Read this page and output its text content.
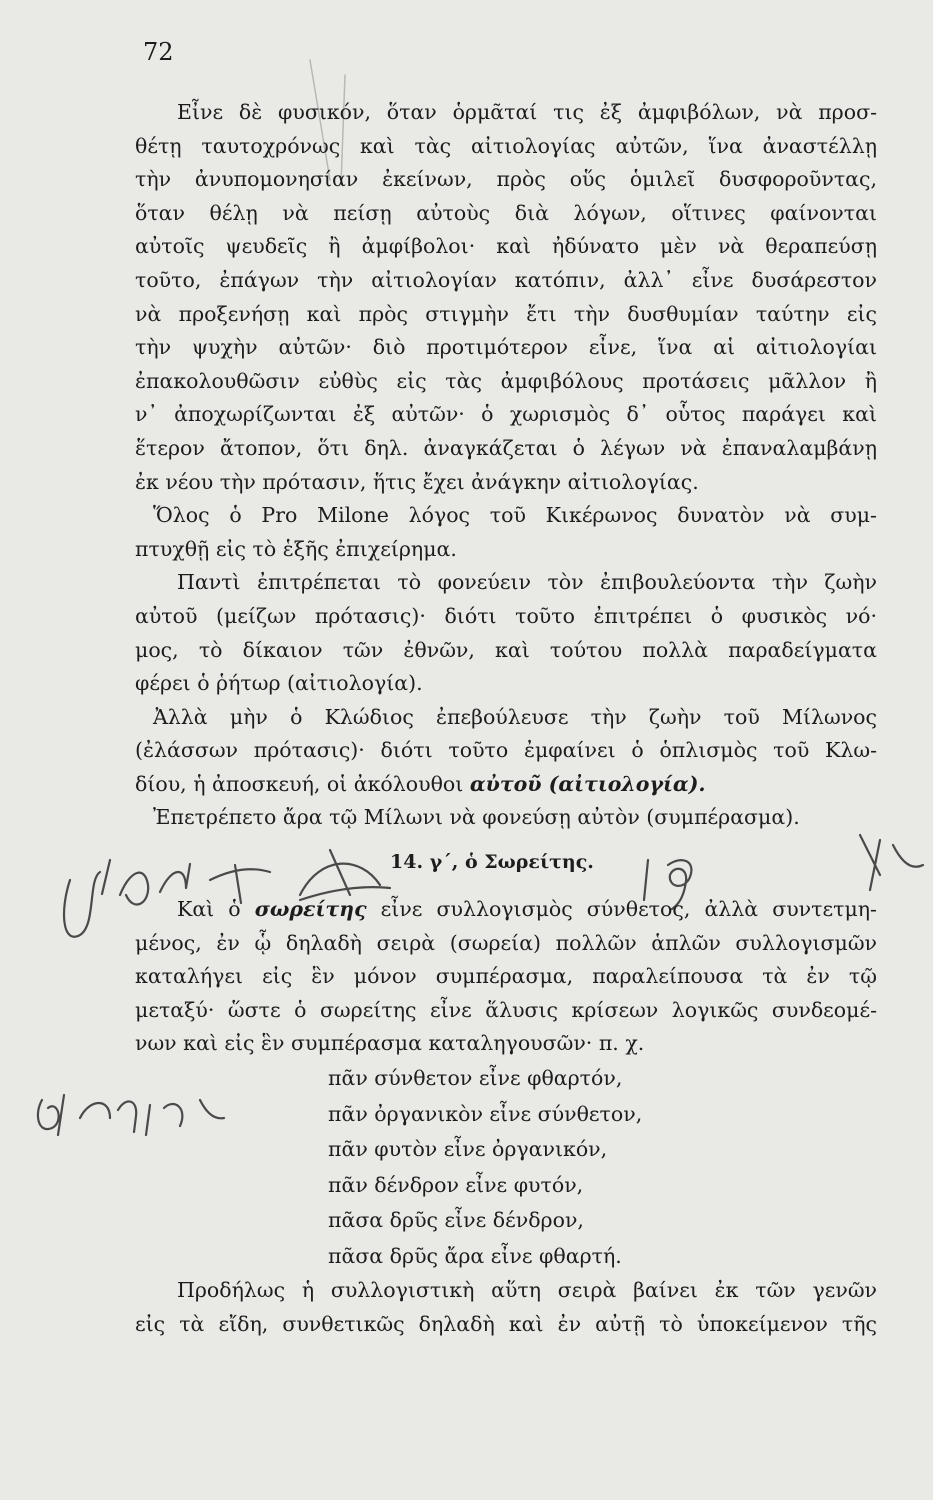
72
Εἶνε δὲ φυσικόν, ὅταν ὁρμᾶταί τις ἐξ ἀμφιβόλων, νὰ προσ-
θέτῃ ταυτοχρόνως καὶ τὰς αἰτιολογίας αὐτῶν, ἵνα ἀναστέλλῃ
τὴν ἀνυπομονησίαν ἐκείνων, πρὸς οὕς ὁμιλεῖ δυσφοροῦντας,
ὅταν θέλῃ νὰ πείσῃ αὐτοὺς διὰ λόγων, οἵτινες φαίνονται
αὐτοῖς ψευδεῖς ἢ ἀμφίβολοι· καὶ ἠδύνατο μὲν νὰ θεραπεύσῃ
τοῦτο, ἐπάγων τὴν αἰτιολογίαν κατόπιν, ἀλλ᾽ εἶνε δυσάρεστον
νὰ προξενήσῃ καὶ πρὸς στιγμὴν ἔτι τὴν δυσθυμίαν ταύτην εἰς
τὴν ψυχὴν αὐτῶν· διὸ προτιμότερον εἶνε, ἵνα αἱ αἰτιολογίαι
ἐπακολουθῶσιν εὐθὺς εἰς τὰς ἀμφιβόλους προτάσεις μᾶλλον ἢ
ν᾽ ἀποχωρίζωνται ἐξ αὐτῶν· ὁ χωρισμὸς δ᾽ οὗτος παράγει καὶ
ἕτερον ἄτοπον, ὅτι δηλ. ἀναγκάζεται ὁ λέγων νὰ ἐπαναλαμβάνῃ
ἐκ νέου τὴν πρότασιν, ἥτις ἔχει ἀνάγκην αἰτιολογίας.
Ὅλος ὁ Pro Milone λόγος τοῦ Κικέρωνος δυνατὸν νὰ συμ-
πτυχθῇ εἰς τὸ ἑξῆς ἐπιχείρημα.
Παντὶ ἐπιτρέπεται τὸ φονεύειν τὸν ἐπιβουλεύοντα τὴν ζωὴν
αὐτοῦ (μείζων πρότασις)· διότι τοῦτο ἐπιτρέπει ὁ φυσικὸς νό·
μος, τὸ δίκαιον τῶν ἐθνῶν, καὶ τούτου πολλὰ παραδείγματα
φέρει ὁ ῥήτωρ (αἰτιολογία).
Ἀλλὰ μὴν ὁ Κλώδιος ἐπεβούλευσε τὴν ζωὴν τοῦ Μίλωνος
(ἐλάσσων πρότασις)· διότι τοῦτο ἐμφαίνει ὁ ὁπλισμὸς τοῦ Κλω-
δίου, ἡ ἀποσκευή, οἱ ἀκόλουθοι αὐτοῦ (αἰτιολογία).
Ἐπετρέπετο ἄρα τῷ Μίλωνι νὰ φονεύσῃ αὐτὸν (συμπέρασμα).
14. γ´, ὁ Σωρείτης.
Καὶ ὁ σωρείτης εἶνε συλλογισμὸς σύνθετος, ἀλλὰ συντετμη-
μένος, ἐν ᾧ δηλαδὴ σειρὰ (σωρεία) πολλῶν ἁπλῶν συλλογισμῶν
καταλήγει εἰς ἓν μόνον συμπέρασμα, παραλείπουσα τὰ ἐν τῷ
μεταξύ· ὥστε ὁ σωρείτης εἶνε ἅλυσις κρίσεων λογικῶς συνδεομέ-
νων καὶ εἰς ἓν συμπέρασμα καταληγουσῶν· π. χ.
πᾶν σύνθετον εἶνε φθαρτόν,
πᾶν ὀργανικὸν εἶνε σύνθετον,
πᾶν φυτὸν εἶνε ὀργανικόν,
πᾶν δένδρον εἶνε φυτόν,
πᾶσα δρῦς εἶνε δένδρον,
πᾶσα δρῦς ἄρα εἶνε φθαρτή.
Προδήλως ἡ συλλογιστικὴ αὕτη σειρὰ βαίνει ἐκ τῶν γενῶν
εἰς τὰ εἴδη, συνθετικῶς δηλαδὴ καὶ ἐν αὐτῇ τὸ ὑποκείμενον τῆς
